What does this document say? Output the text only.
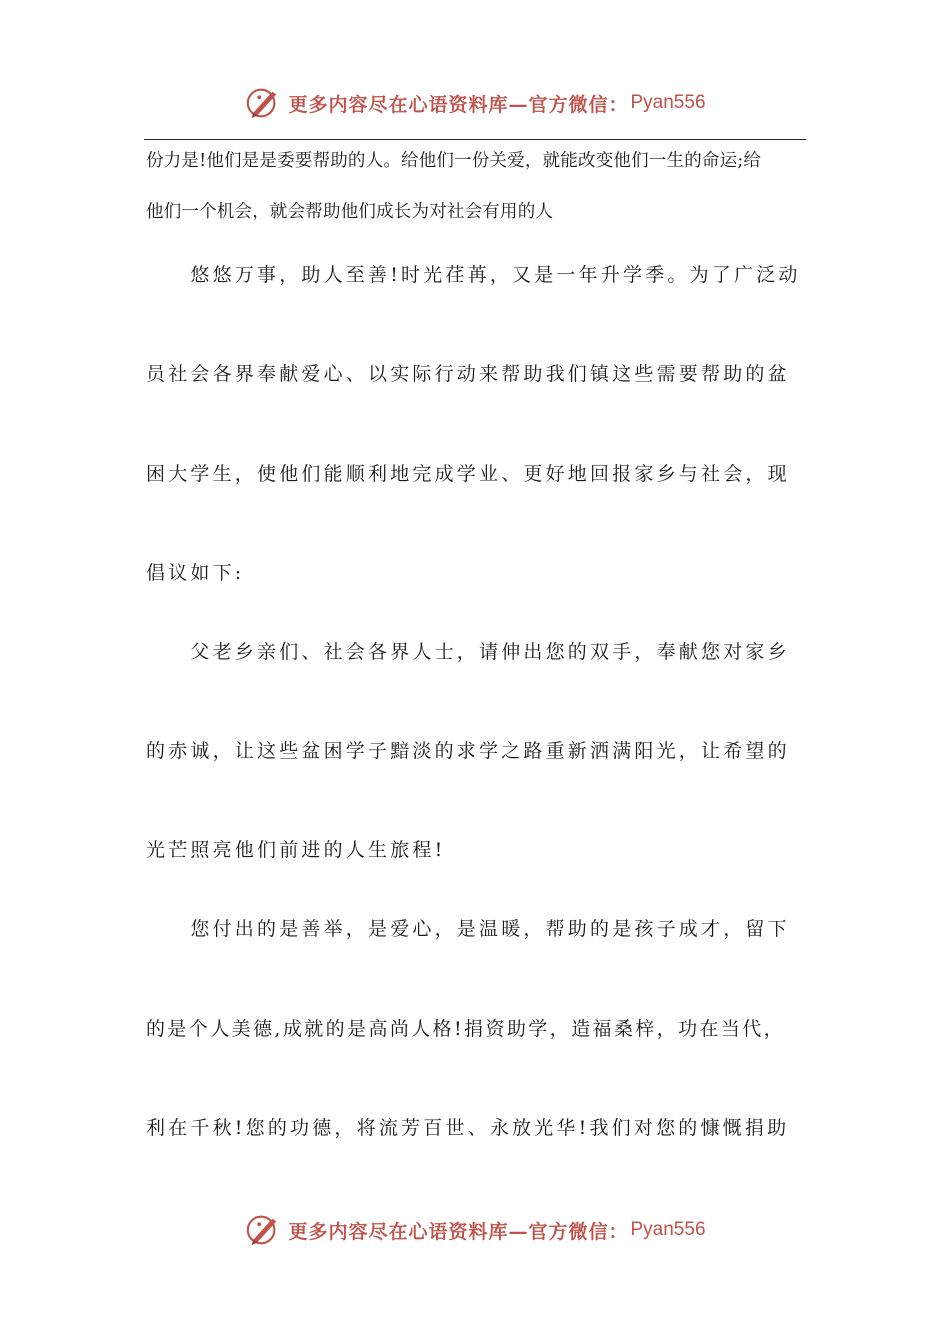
更多内容尽在心语资料库—官方微信： Pyan556
份力是!他们是是委要帮助的人。给他们一份关爱，就能改变他们一生的命运;给
他们一个机会，就会帮助他们成长为对社会有用的人
　　悠悠万事，助人至善!时光荏苒，又是一年升学季。为了广泛动
员社会各界奉献爱心、以实际行动来帮助我们镇这些需要帮助的盆
困大学生，使他们能顺利地完成学业、更好地回报家乡与社会，现
倡议如下:
　　父老乡亲们、社会各界人士，请伸出您的双手，奉献您对家乡
的赤诚，让这些盆困学子黯淡的求学之路重新洒满阳光，让希望的
光芒照亮他们前进的人生旅程!
　　您付出的是善举，是爱心，是温暖，帮助的是孩子成才，留下
的是个人美德,成就的是高尚人格!捐资助学，造福桑梓，功在当代，
利在千秋!您的功德，将流芳百世、永放光华!我们对您的慷慨捐助
更多内容尽在心语资料库—官方微信： Pyan556
